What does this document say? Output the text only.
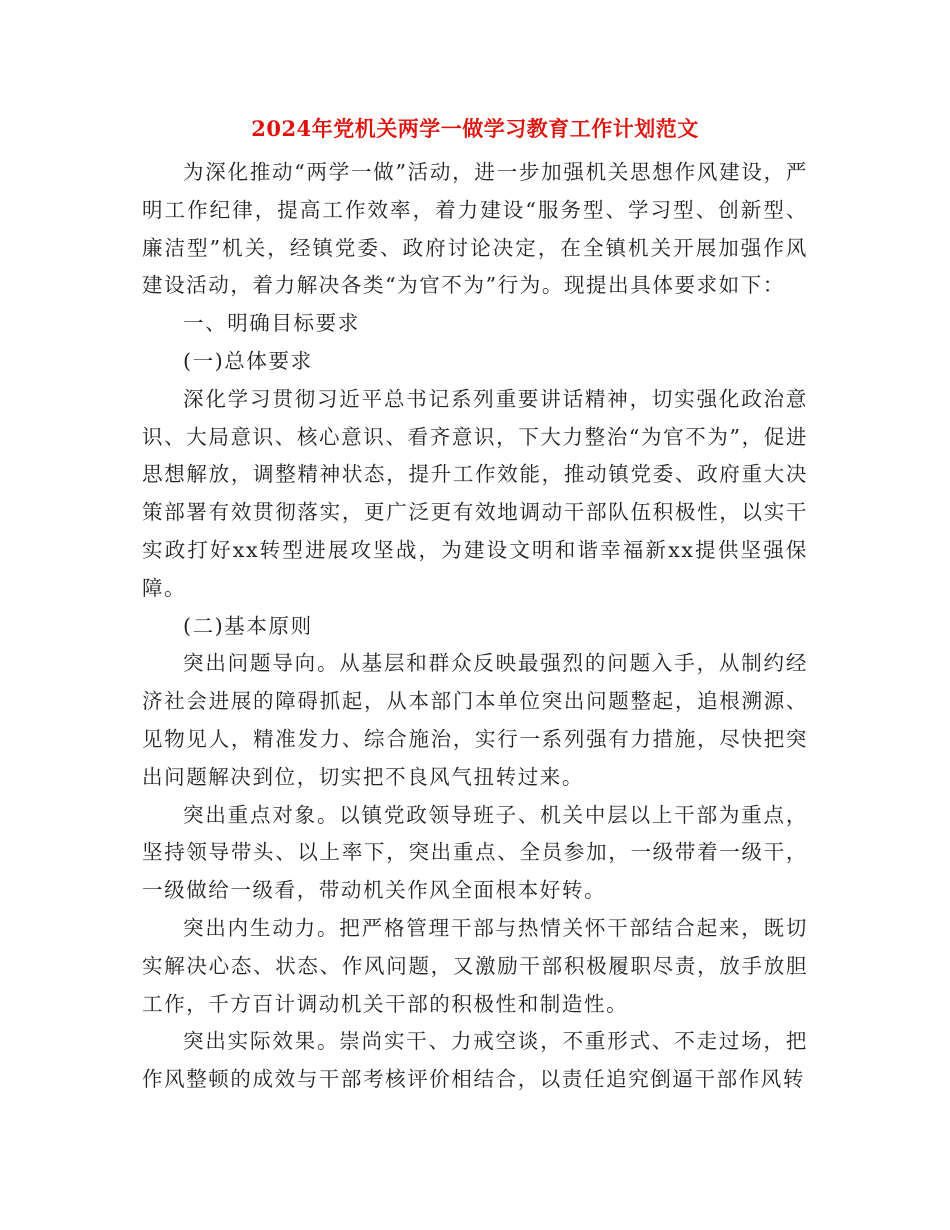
2024年党机关两学一做学习教育工作计划范文

为深化推动“两学一做”活动，进一步加强机关思想作风建设，严明工作纪律，提高工作效率，着力建设“服务型、学习型、创新型、廉洁型”机关，经镇党委、政府讨论决定，在全镇机关开展加强作风建设活动，着力解决各类“为官不为”行为。现提出具体要求如下：

一、明确目标要求

(一)总体要求

深化学习贯彻习近平总书记系列重要讲话精神，切实强化政治意识、大局意识、核心意识、看齐意识，下大力整治“为官不为”，促进思想解放，调整精神状态，提升工作效能，推动镇党委、政府重大决策部署有效贯彻落实，更广泛更有效地调动干部队伍积极性，以实干实政打好xx转型进展攻坚战，为建设文明和谐幸福新xx提供坚强保障。

(二)基本原则

突出问题导向。从基层和群众反映最强烈的问题入手，从制约经济社会进展的障碍抓起，从本部门本单位突出问题整起，追根溯源、见物见人，精准发力、综合施治，实行一系列强有力措施，尽快把突出问题解决到位，切实把不良风气扭转过来。

突出重点对象。以镇党政领导班子、机关中层以上干部为重点，坚持领导带头、以上率下，突出重点、全员参加，一级带着一级干，一级做给一级看，带动机关作风全面根本好转。

突出内生动力。把严格管理干部与热情关怀干部结合起来，既切实解决心态、状态、作风问题，又激励干部积极履职尽责，放手放胆工作，千方百计调动机关干部的积极性和制造性。

突出实际效果。崇尚实干、力戒空谈，不重形式、不走过场，把作风整顿的成效与干部考核评价相结合，以责任追究倒逼干部作风转
